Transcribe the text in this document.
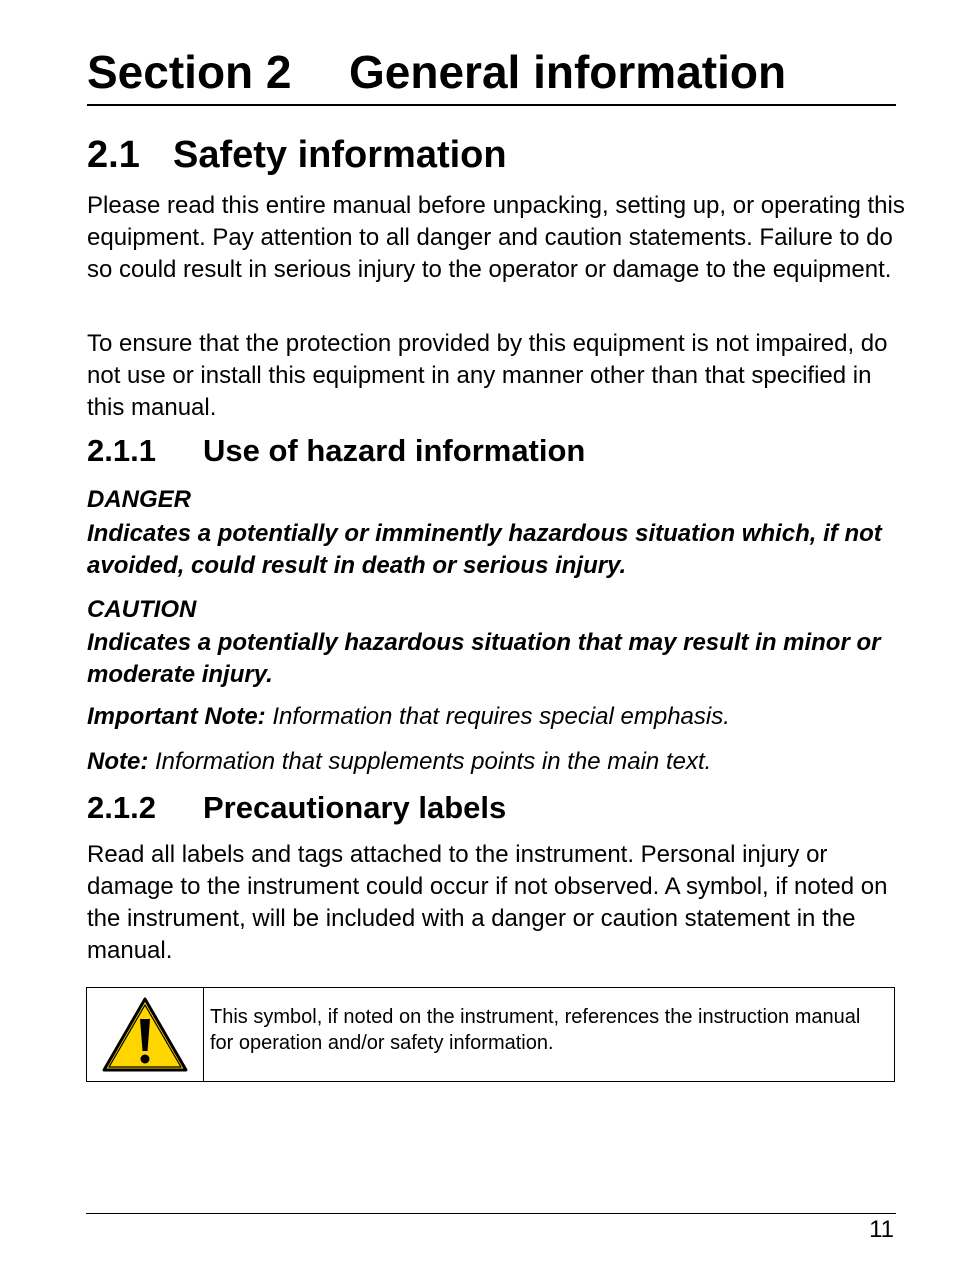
Section 2 General information
2.1 Safety information

Please read this entire manual before unpacking, setting up, or operating this equipment. Pay attention to all danger and caution statements. Failure to do so could result in serious injury to the operator or damage to the equipment.

To ensure that the protection provided by this equipment is not impaired, do not use or install this equipment in any manner other than that specified in this manual.

2.1.1 Use of hazard information

DANGER

Indicates a potentially or imminently hazardous situation which, if not avoided, could result in death or serious injury.

CAUTION

Indicates a potentially hazardous situation that may result in minor or moderate injury.

Important Note: Information that requires special emphasis.

Note: Information that supplements points in the main text.

2.1.2 Precautionary labels

Read all labels and tags attached to the instrument. Personal injury or damage to the instrument could occur if not observed. A symbol, if noted on the instrument, will be included with a danger or caution statement in the manual.

This symbol, if noted on the instrument, references the instruction manual for operation and/or safety information.

11
